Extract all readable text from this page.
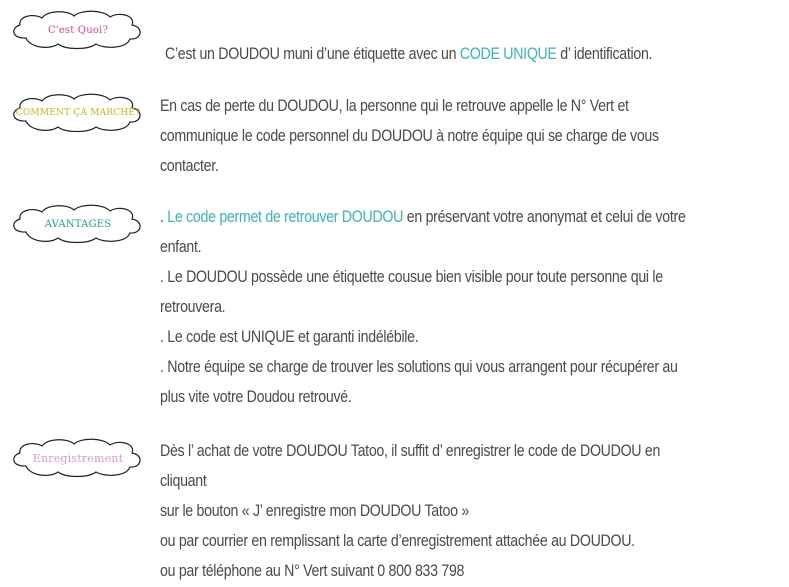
C'est Quoi?

C’est un DOUDOU muni d’une étiquette avec un CODE UNIQUE d’ identification.

COMMENT ÇA MARCHE?	En cas de perte du DOUDOU, la personne qui le retrouve appelle le N° Vert et

communique le code personnel du DOUDOU à notre équipe qui se charge de vous

contacter.

AVANTAGES	. Le code permet de retrouver DOUDOU en préservant votre anonymat et celui de votre

enfant.

. Le DOUDOU possède une étiquette cousue bien visible pour toute personne qui le

retrouvera.

. Le code est UNIQUE et garanti indélébile.

. Notre équipe se charge de trouver les solutions qui vous arrangent pour récupérer au

plus vite votre Doudou retrouvé.

Enregistrement	Dès l’ achat de votre DOUDOU Tatoo, il suffit d’ enregistrer le code de DOUDOU en cliquant

sur le bouton « J’ enregistre mon DOUDOU Tatoo »

ou par courrier en remplissant la carte d’enregistrement attachée au DOUDOU.

ou par téléphone au N° Vert suivant 0 800 833 798
